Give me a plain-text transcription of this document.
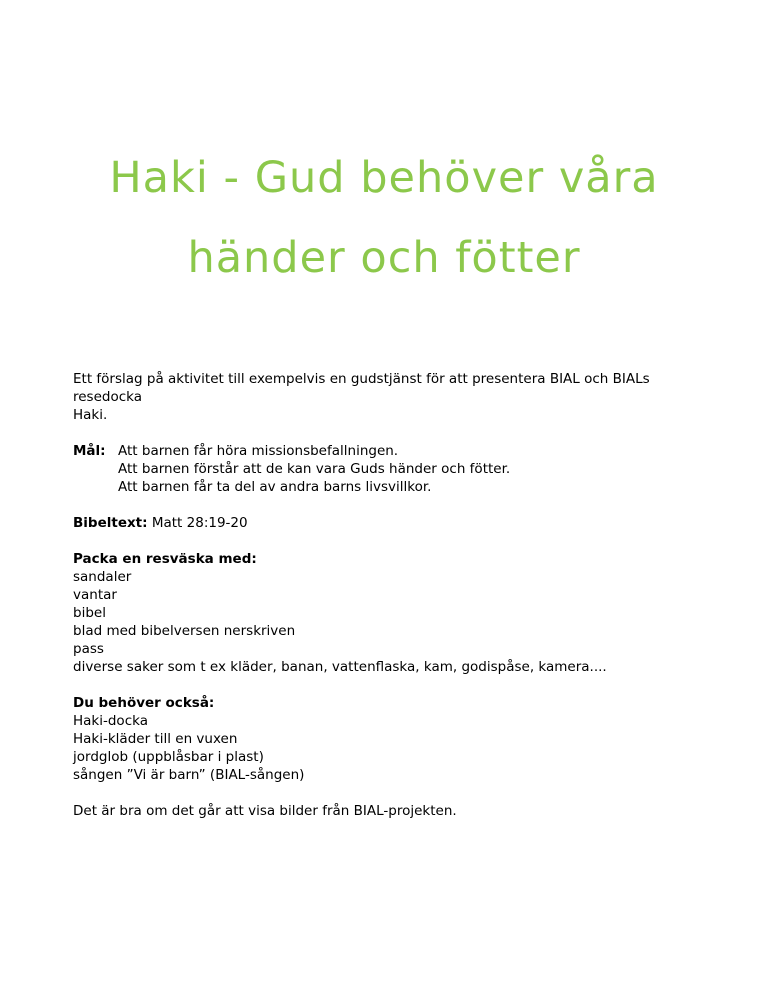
Haki - Gud behöver våra
händer och fötter

Ett förslag på aktivitet till exempelvis en gudstjänst för att presentera BIAL och BIALs resedocka
Haki.

Mål: Att barnen får höra missionsbefallningen.
Att barnen förstår att de kan vara Guds händer och fötter.
Att barnen får ta del av andra barns livsvillkor.

Bibeltext: Matt 28:19-20

Packa en resväska med:
sandaler
vantar
bibel
blad med bibelversen nerskriven
pass
diverse saker som t ex kläder, banan, vattenflaska, kam, godispåse, kamera....
Du behöver också:
Haki-docka
Haki-kläder till en vuxen
jordglob (uppblåsbar i plast)
sången ”Vi är barn” (BIAL-sången)

Det är bra om det går att visa bilder från BIAL-projekten.
